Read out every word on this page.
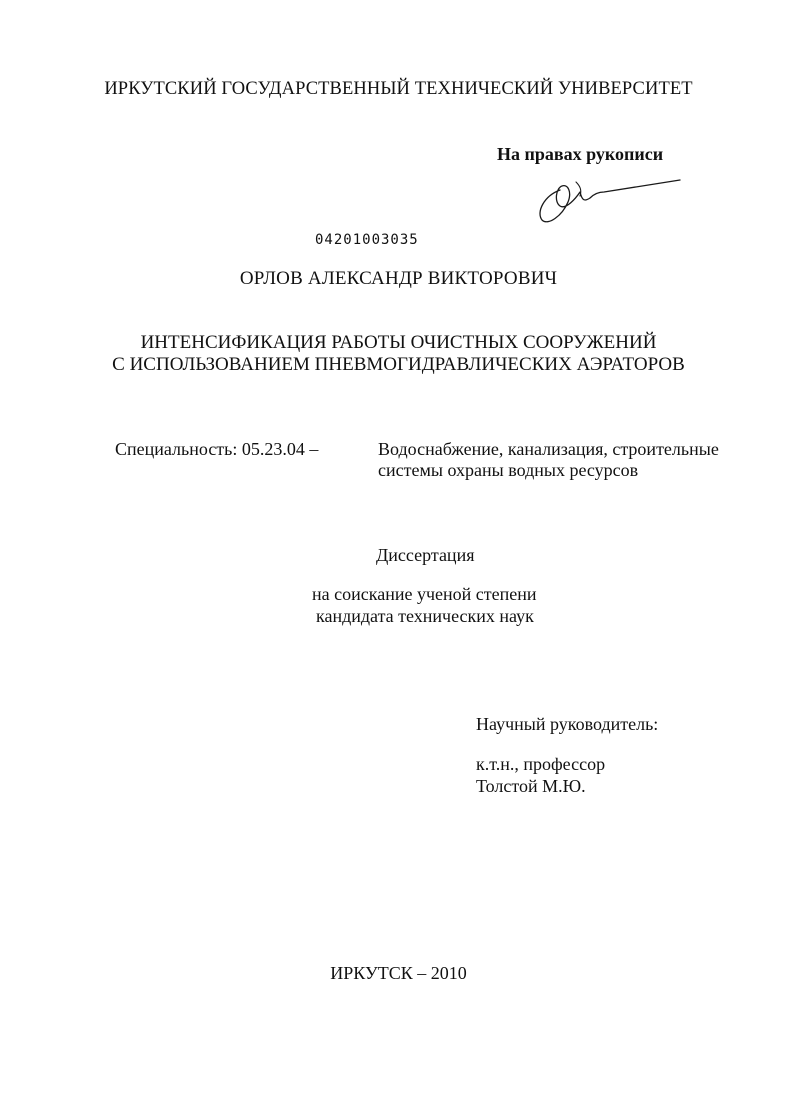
ИРКУТСКИЙ ГОСУДАРСТВЕННЫЙ ТЕХНИЧЕСКИЙ УНИВЕРСИТЕТ
На правах рукописи
04201003035
ОРЛОВ АЛЕКСАНДР ВИКТОРОВИЧ
ИНТЕНСИФИКАЦИЯ РАБОТЫ ОЧИСТНЫХ СООРУЖЕНИЙ
С ИСПОЛЬЗОВАНИЕМ ПНЕВМОГИДРАВЛИЧЕСКИХ АЭРАТОРОВ
Специальность: 05.23.04 –	Водоснабжение, канализация, строительные
системы охраны водных ресурсов
Диссертация
на соискание ученой степени
кандидата технических наук
Научный руководитель:
к.т.н., профессор
Толстой М.Ю.
ИРКУТСК – 2010
